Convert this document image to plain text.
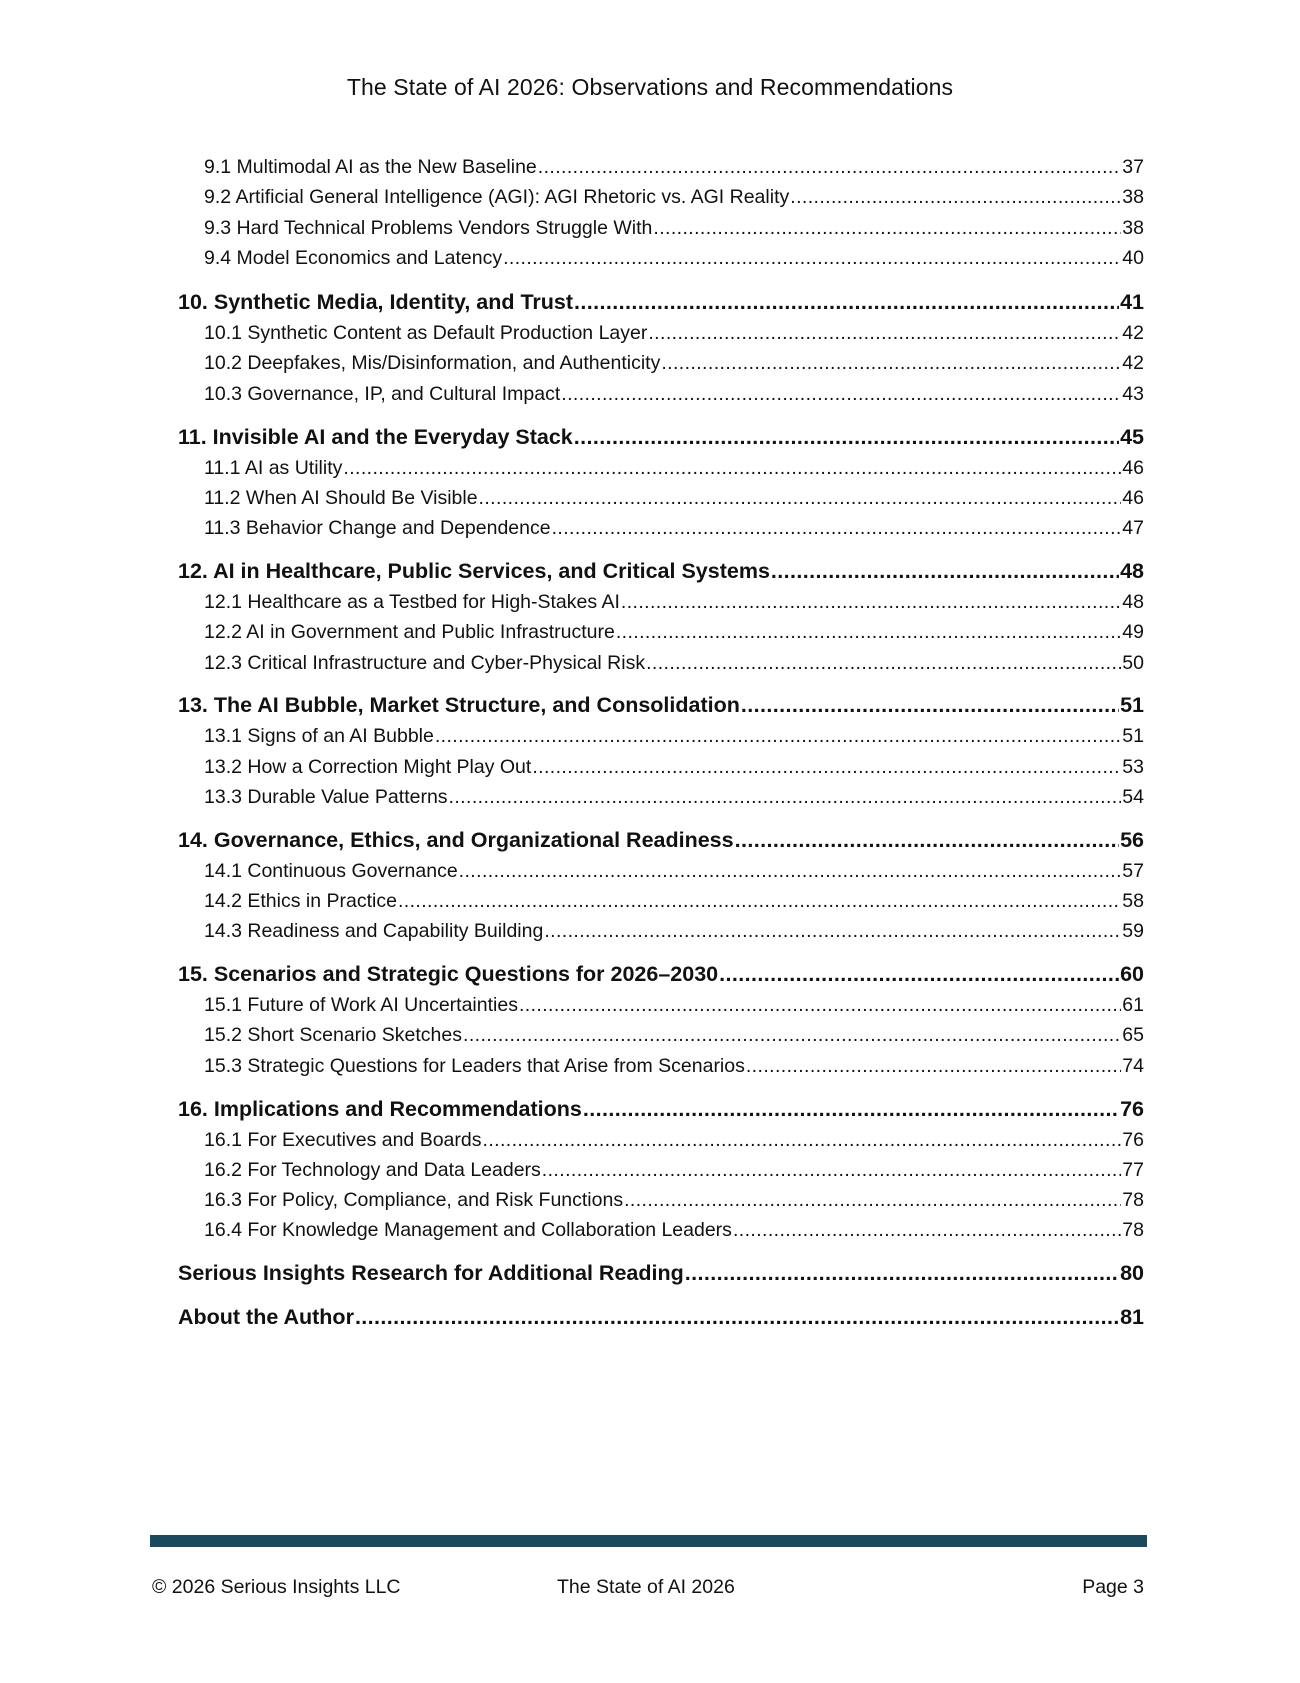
The State of AI 2026: Observations and Recommendations
9.1 Multimodal AI as the New Baseline .....	37
9.2 Artificial General Intelligence (AGI): AGI Rhetoric vs. AGI Reality .....	38
9.3 Hard Technical Problems Vendors Struggle With .....	38
9.4 Model Economics and Latency .....	40
10. Synthetic Media, Identity, and Trust .....	41
10.1 Synthetic Content as Default Production Layer .....	42
10.2 Deepfakes, Mis/Disinformation, and Authenticity .....	42
10.3 Governance, IP, and Cultural Impact .....	43
11. Invisible AI and the Everyday Stack .....	45
11.1 AI as Utility .....	46
11.2 When AI Should Be Visible .....	46
11.3 Behavior Change and Dependence .....	47
12. AI in Healthcare, Public Services, and Critical Systems .....	48
12.1 Healthcare as a Testbed for High-Stakes AI .....	48
12.2 AI in Government and Public Infrastructure .....	49
12.3 Critical Infrastructure and Cyber-Physical Risk .....	50
13. The AI Bubble, Market Structure, and Consolidation .....	51
13.1 Signs of an AI Bubble .....	51
13.2 How a Correction Might Play Out .....	53
13.3 Durable Value Patterns .....	54
14. Governance, Ethics, and Organizational Readiness .....	56
14.1 Continuous Governance .....	57
14.2 Ethics in Practice .....	58
14.3 Readiness and Capability Building .....	59
15. Scenarios and Strategic Questions for 2026–2030 .....	60
15.1 Future of Work AI Uncertainties .....	61
15.2 Short Scenario Sketches .....	65
15.3 Strategic Questions for Leaders that Arise from Scenarios .....	74
16. Implications and Recommendations .....	76
16.1 For Executives and Boards .....	76
16.2 For Technology and Data Leaders .....	77
16.3 For Policy, Compliance, and Risk Functions .....	78
16.4 For Knowledge Management and Collaboration Leaders .....	78
Serious Insights Research for Additional Reading .....	80
About the Author .....	81
© 2026 Serious Insights LLC	The State of AI 2026	Page 3
